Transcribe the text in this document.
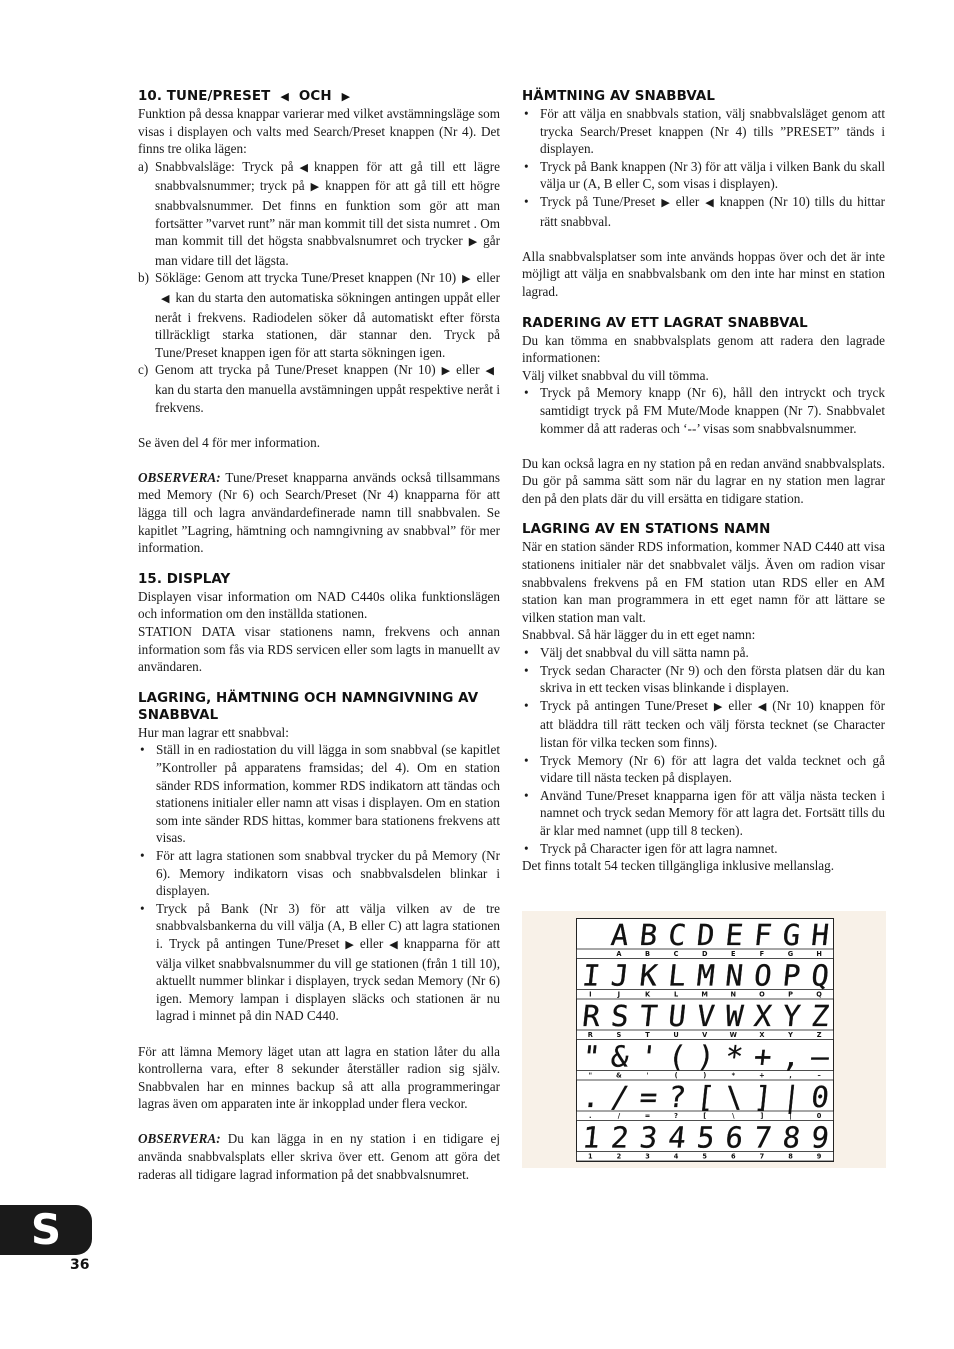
10. TUNE/PRESET ◀ OCH ▶

Funktion på dessa knappar varierar med vilket avstämningsläge som visas i displayen och valts med Search/Preset knappen (Nr 4). Det finns tre olika lägen:

a) Snabbvalsläge: Tryck på ◀ knappen för att gå till ett lägre snabbvalsnummer; tryck på ▶ knappen för att gå till ett högre snabbvalsnummer. Det finns en funktion som gör att man fortsätter ”varvet runt” när man kommit till det sista numret . Om man kommit till det högsta snabbvalsnumret och trycker ▶ går man vidare till det lägsta.
b) Sökläge: Genom att trycka Tune/Preset knappen (Nr 10) ▶ eller◀ kan du starta den automatiska sökningen antingen uppåt eller neråt i frekvens. Radiodelen söker då automatiskt efter första tillräckligt starka stationen, där stannar den. Tryck på Tune/Preset knappen igen för att starta sökningen igen.
c) Genom att trycka på Tune/Preset knappen (Nr 10) ▶ eller ◀kan du starta den manuella avstämningen uppåt respektive neråt i frekvens.

Se även del 4 för mer information.

OBSERVERA: Tune/Preset knapparna används också tillsammans med Memory (Nr 6) och Search/Preset (Nr 4) knapparna för att lägga till och lagra användardefinerade namn till snabbvalen. Se kapitlet ”Lagring, hämtning och namngivning av snabbval” för mer information.

15. DISPLAY

Displayen visar information om NAD C440s olika funktionslägen och information om den inställda stationen.

STATION DATA visar stationens namn, frekvens och annan information som fås via RDS servicen eller som lagts in manuellt av användaren.

LAGRING, HÄMTNING OCH NAMNGIVNING AV SNABBVAL

Hur man lagrar ett snabbval:

• Ställ in en radiostation du vill lägga in som snabbval (se kapitlet ”Kontroller på apparatens framsidas; del 4). Om en station sänder RDS information, kommer RDS indikatorn att tändas och stationens initialer eller namn att visas i displayen. Om en station som inte sänder RDS hittas, kommer bara stationens frekvens att visas.
• För att lagra stationen som snabbval trycker du på Memory (Nr 6). Memory indikatorn visas och snabbvalsdelen blinkar i displayen.
• Tryck på Bank (Nr 3) för att välja vilken av de tre snabbvalsbankerna du vill välja (A, B eller C) att lagra stationen i. Tryck på antingen Tune/Preset ▶ eller ◀ knapparna för att välja vilket snabbvalsnummer du vill ge stationen (från 1 till 10), aktuellt nummer blinkar i displayen, tryck sedan Memory (Nr 6) igen. Memory lampan i displayen släcks och stationen är nu lagrad i minnet på din NAD C440.

För att lämna Memory läget utan att lagra en station låter du alla kontrollerna vara, efter 8 sekunder återställer radion sig själv. Snabbvalen har en minnes backup så att alla programmeringar lagras även om apparaten inte är inkopplad under flera veckor.

OBSERVERA: Du kan lägga in en ny station i en tidigare ej använda snabbvalsplats eller skriva över ett. Genom att göra det raderas all tidigare lagrad information på det snabbvalsnumret.

HÄMTNING AV SNABBVAL
• För att välja en snabbvals station, välj snabbvalsläget genom att trycka Search/Preset knappen (Nr 4) tills ”PRESET” tänds i displayen.
• Tryck på Bank knappen (Nr 3) för att välja i vilken Bank du skall välja ur (A, B eller C, som visas i displayen).
• Tryck på Tune/Preset ▶ eller ◀ knappen (Nr 10) tills du hittar rätt snabbval.

Alla snabbvalsplatser som inte används hoppas över och det är inte möjligt att välja en snabbvalsbank om den inte har minst en station lagrad.

RADERING AV ETT LAGRAT SNABBVAL

Du kan tömma en snabbvalsplats genom att radera den lagrade informationen:

Välj vilket snabbval du vill tömma.

• Tryck på Memory knapp (Nr 6), håll den intryckt och tryck samtidigt tryck på FM Mute/Mode knappen (Nr 7). Snabbvalet kommer då att raderas och ‘--’ visas som snabbvalsnummer.

Du kan också lagra en ny station på en redan använd snabbvalsplats. Du gör på samma sätt som när du lagrar en ny station men lagrar den på den plats där du vill ersätta en tidigare station.

LAGRING AV EN STATIONS NAMN

När en station sänder RDS information, kommer NAD C440 att visa stationens initialer när det snabbvalet väljs. Även om radion visar snabbvalens frekvens på en FM station utan RDS eller en AM station kan man programmera in ett eget namn för att lättare se vilken station man valt.

Snabbval. Så här lägger du in ett eget namn:

• Välj det snabbval du vill sätta namn på.
• Tryck sedan Character (Nr 9) och den första platsen där du kan skriva in ett tecken visas blinkande i displayen.
• Tryck på antingen Tune/Preset ▶ eller ◀ (Nr 10) knappen för att bläddra till rätt tecken och välj första tecknet (se Character listan för vilka tecken som finns).
• Tryck Memory (Nr 6) för att lagra det valda tecknet och gå vidare till nästa tecken på displayen.
• Använd Tune/Preset knapparna igen för att välja nästa tecken i namnet och tryck sedan Memory för att lagra det. Fortsätt tills du är klar med namnet (upp till 8 tecken).
• Tryck på Character igen för att lagra namnet.

Det finns totalt 54 tecken tillgängliga inklusive mellanslag.

A
A
B
B
C
C
D
D
E
E
F
F
G
G
H
H
I
I
J
J
K
K
L
L
M
M
N
N
O
O
P
P
Q
Q
R
R
S
S
T
T
U
U
V
V
W
W
X
X
Y
Y
Z
Z
"
"
&
&
'
'
(
(
)
)
*
*
+
+
,
,
–
–
.
.
/
/
=
=
?
?
[
[
\
\
]
]
|
|
0
0
1
1
2
2
3
3
4
4
5
5
6
6
7
7
8
8
9
9
S
36
